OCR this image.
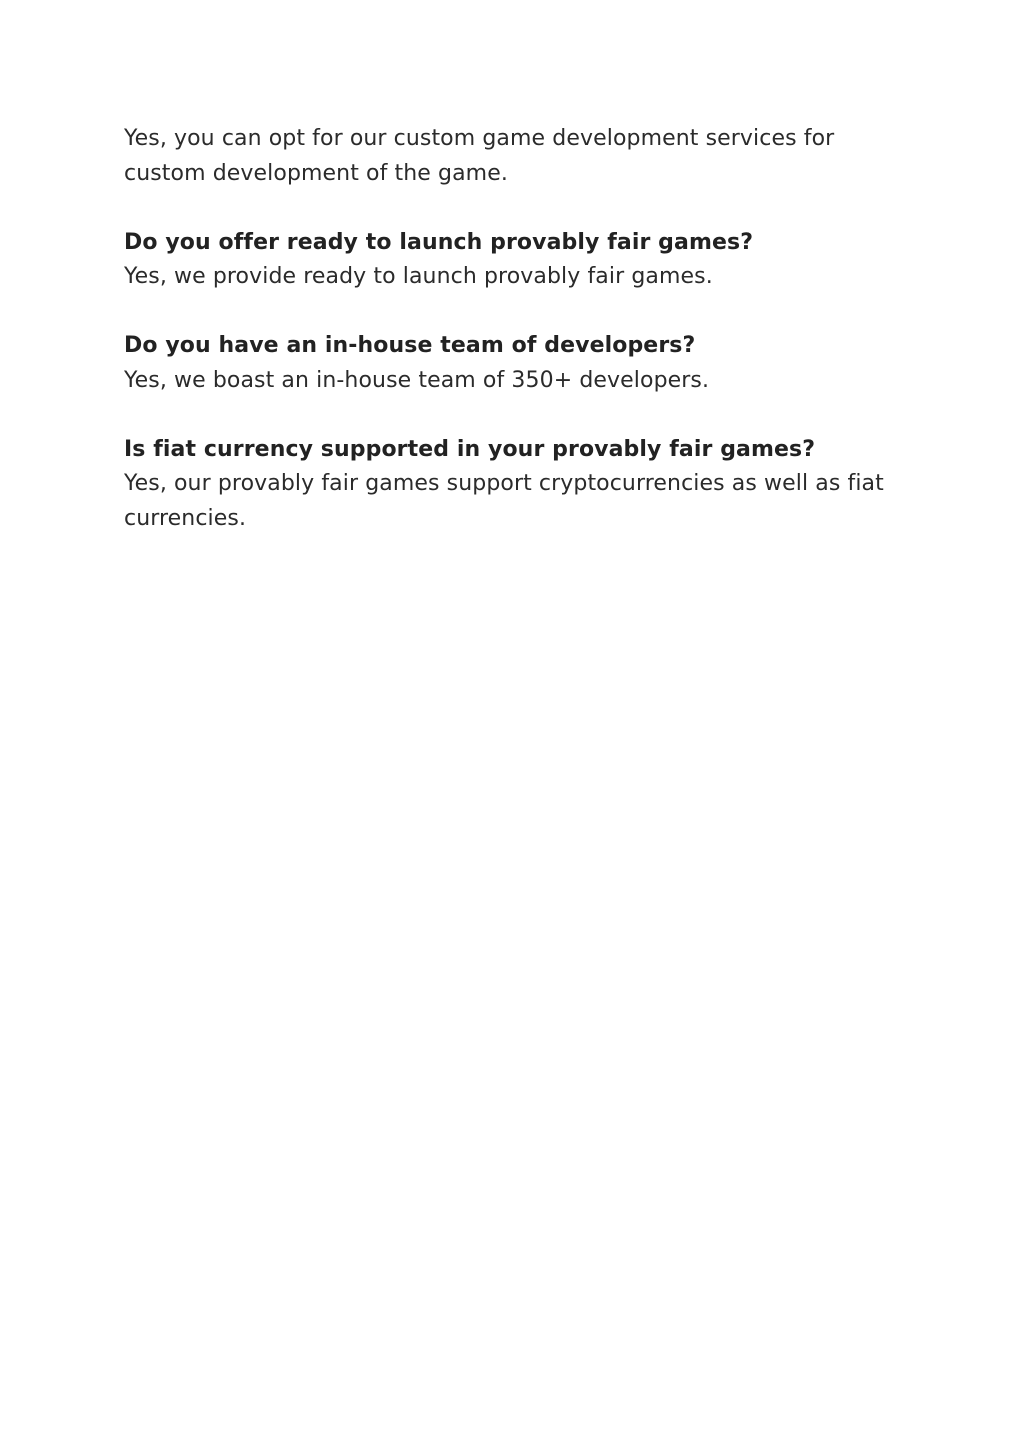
Yes, you can opt for our custom game development services for custom development of the game.

Do you offer ready to launch provably fair games?

Yes, we provide ready to launch provably fair games.

Do you have an in-house team of developers?

Yes, we boast an in-house team of 350+ developers.

Is fiat currency supported in your provably fair games?

Yes, our provably fair games support cryptocurrencies as well as fiat currencies.
